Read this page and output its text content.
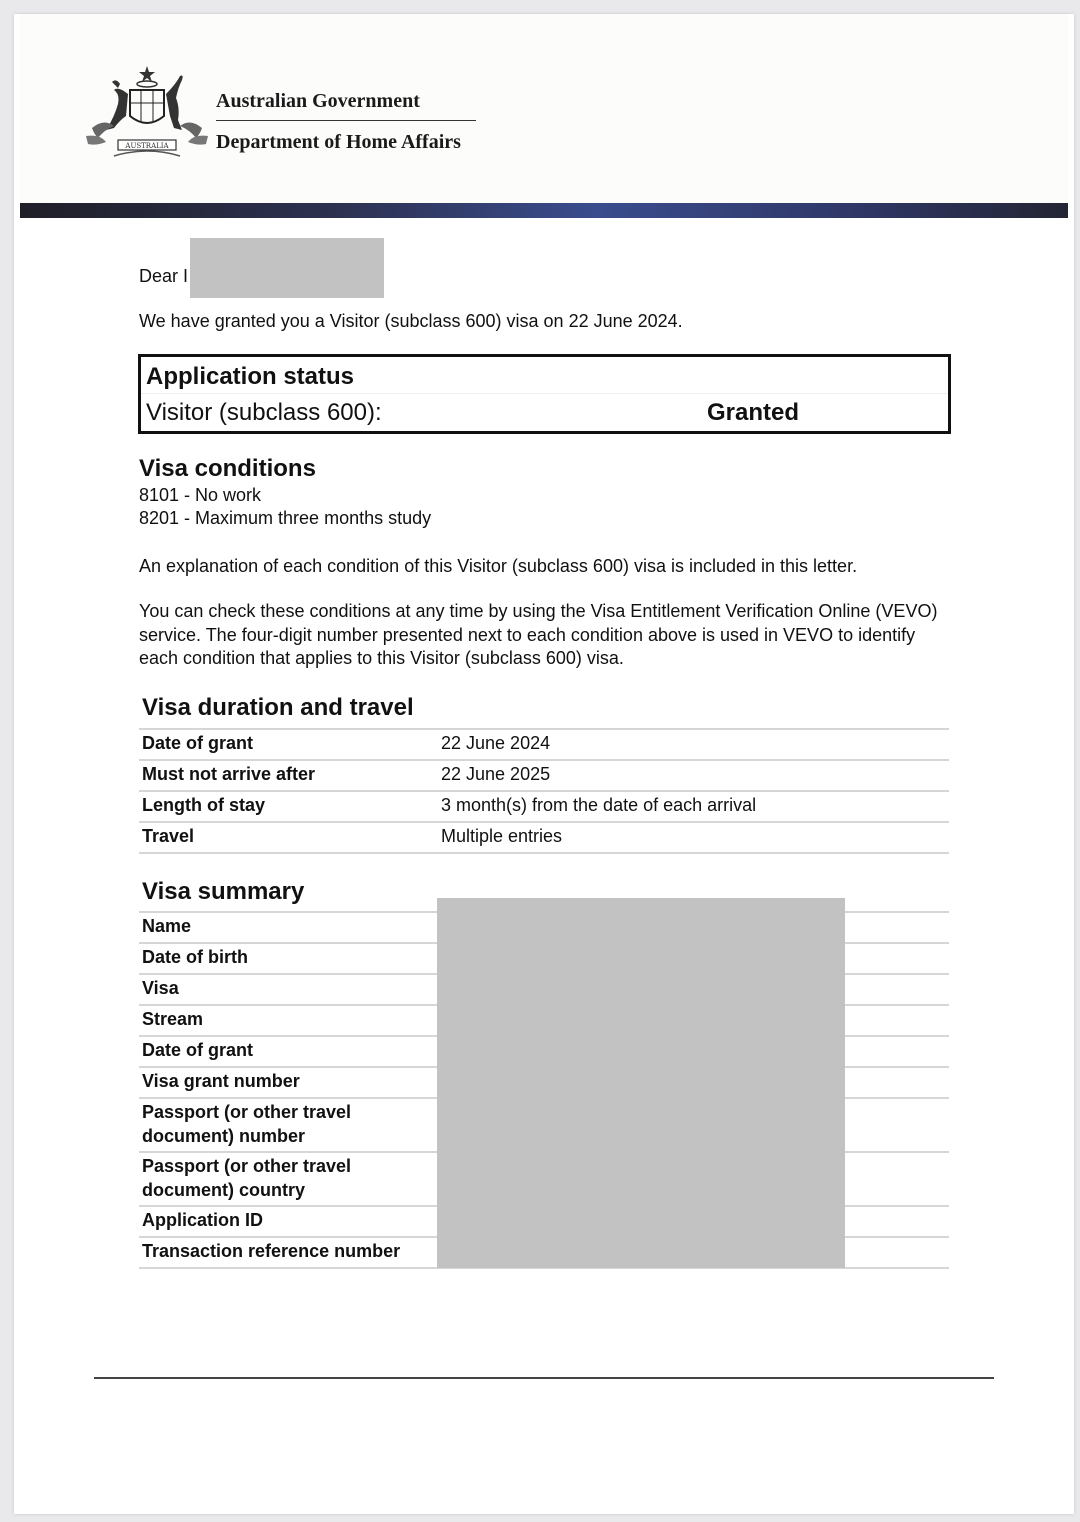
AUSTRALIA
Australian Government
Department of Home Affairs
Dear I
We have granted you a Visitor (subclass 600) visa on 22 June 2024.
Application status
Visitor (subclass 600):	Granted
Visa conditions
8101 - No work
8201 - Maximum three months study
An explanation of each condition of this Visitor (subclass 600) visa is included in this letter.
You can check these conditions at any time by using the Visa Entitlement Verification Online (VEVO) service. The four-digit number presented next to each condition above is used in VEVO to identify each condition that applies to this Visitor (subclass 600) visa.
Visa duration and travel
Date of grant	22 June 2024
Must not arrive after	22 June 2025
Length of stay	3 month(s) from the date of each arrival
Travel	Multiple entries
Visa summary
Name
Date of birth
Visa
Stream
Date of grant
Visa grant number
Passport (or other travel document) number
Passport (or other travel document) country
Application ID
Transaction reference number
